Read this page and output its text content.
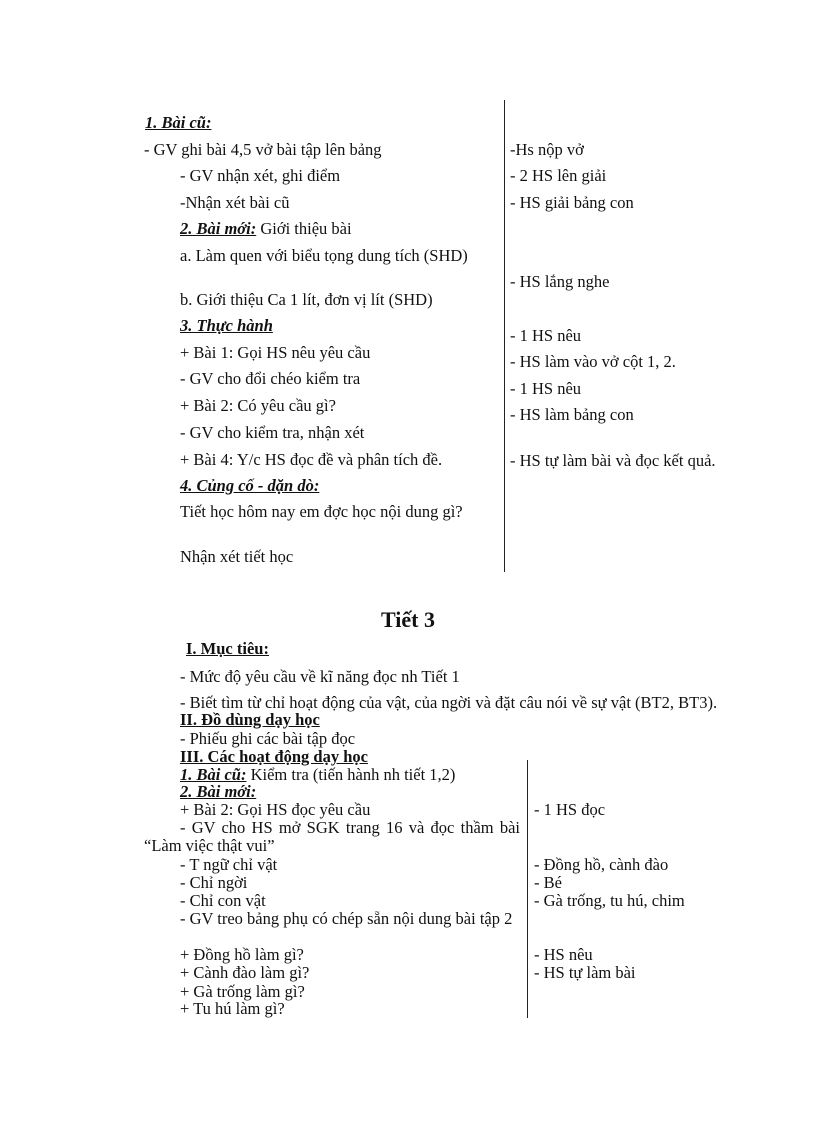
1. Bài cũ:
- GV ghi bài 4,5 vở bài tập lên bảng
- GV nhận xét, ghi điểm
-Nhận xét bài cũ
2. Bài mới: Giới thiệu bài
a. Làm quen với biểu tọng dung tích (SHD)
b. Giới thiệu Ca 1 lít, đơn vị lít (SHD)
3. Thực hành
+ Bài 1: Gọi HS nêu yêu cầu
- GV cho đổi chéo kiểm tra
+ Bài 2: Có yêu cầu gì?
- GV cho kiểm tra, nhận xét
+ Bài 4: Y/c HS đọc đề và phân tích đề.
4. Củng cố - dặn dò:
Tiết học hôm nay em đợc học nội dung gì?
Nhận xét tiết học
-Hs nộp vở
- 2 HS lên giải
- HS giải bảng con
- HS lắng nghe
- 1 HS nêu
- HS làm vào vở cột 1, 2.
- 1 HS nêu
- HS làm bảng con
- HS tự làm bài và đọc kết quả.
Tiết 3
I. Mục tiêu:
- Mức độ yêu cầu về kĩ năng đọc nh Tiết 1
- Biết tìm từ chỉ hoạt động của vật, của ngời và đặt câu nói về sự vật (BT2, BT3).
II. Đồ dùng dạy học
- Phiếu ghi các bài tập đọc
III. Các hoạt động dạy học
1. Bài cũ: Kiểm tra (tiến hành nh tiết 1,2)
2. Bài mới:
+ Bài 2: Gọi HS đọc yêu cầu
- GV cho HS mở SGK trang 16 và đọc thầm bài “Làm việc thật vui”
- T ngữ chỉ vật
- Chỉ ngời
- Chỉ con vật
- GV treo bảng phụ có chép sẵn nội dung bài tập 2
+ Đồng hồ làm gì?
+ Cành đào làm gì?
+ Gà trống làm gì?
+ Tu hú làm gì?
- 1 HS đọc
- Đồng hồ, cành đào
- Bé
- Gà trống, tu hú, chim
- HS nêu
- HS tự làm bài
